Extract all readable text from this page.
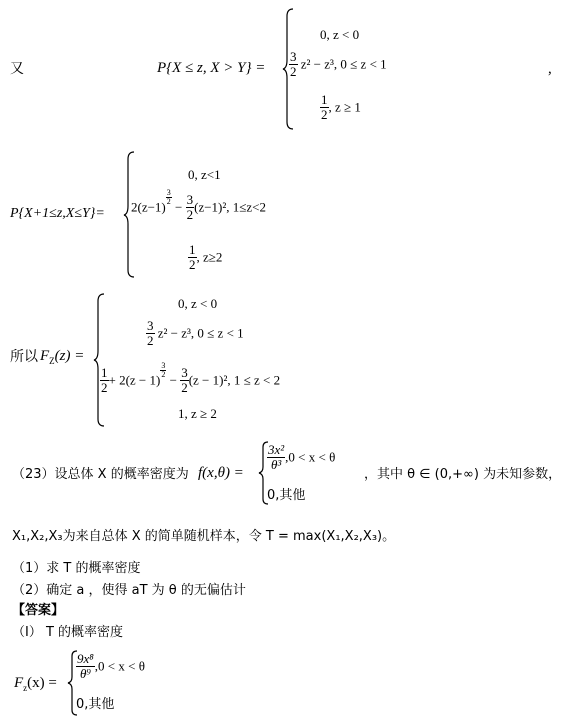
又	P{X ≤ z, X > Y} =
0, z < 0
$\frac{3}{2} z^2 - z^3$, 0 ≤ z < 1
$\frac{1}{2}$ , z ≥ 1
,
P{X+1≤z,X≤Y}=
0, z<1
2(z−1)
$\frac{3}{2}$
− $\frac{3}{2} (z-1)^2$, 1≤z<2
$\frac{1}{2}$ , z≥2
所以 $F_Z(z)$ =
0, z < 0
$\frac{3}{2} z^2 - z^3$, 0 ≤ z < 1
$\frac{1}{2} + 2(z - 1)$
$\frac{3}{2}$
− $\frac{3}{2} (z - 1)^2$, 1 ≤ z < 2
1, z ≥ 2
（23）设总体 X 的概率密度为 f(x,θ) =
$\frac{\text{3x²}}{\text{θ³}} ,0 < x < \theta$
0,其他
，其中 θ ∈ (0,+∞) 为未知参数，
X₁,X₂,X₃为来自总体 X 的简单随机样本，令 T = max(X₁,X₂,X₃)。
（1）求 T 的概率密度
（2）确定 a ，使得 aT 为 θ 的无偏估计
【答案】
（I） T 的概率密度
$F_z(x)$ =
$\frac{\text{9x⁸}}{\text{θ⁹}} ,0 < x < \theta$
0,其他
